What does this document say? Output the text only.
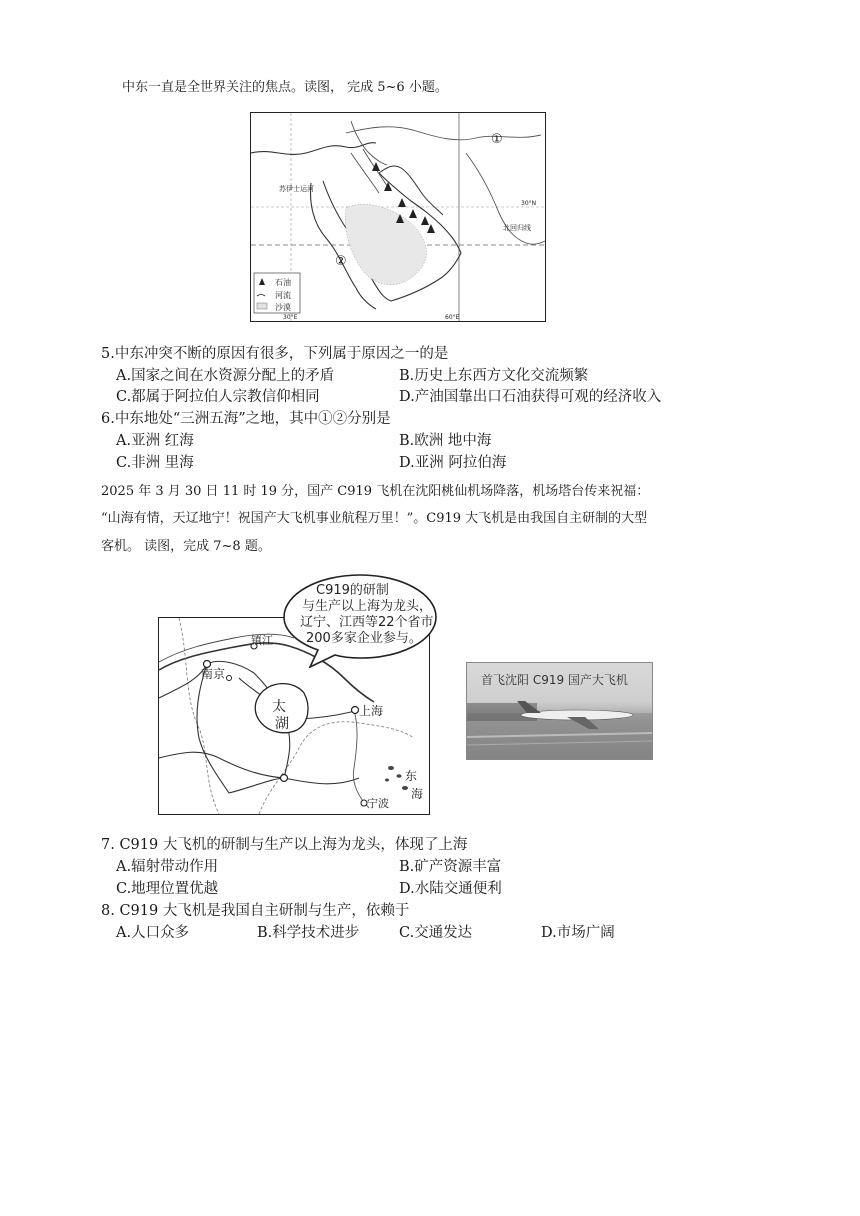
中东一直是全世界关注的焦点。读图， 完成 5~6 小题。
①
②
苏伊士运河
30°N
北回归线
30°E	60°E
石油
河流
沙漠
5.中东冲突不断的原因有很多，下列属于原因之一的是
A.国家之间在水资源分配上的矛盾	B.历史上东西方文化交流频繁
C.都属于阿拉伯人宗教信仰相同	D.产油国靠出口石油获得可观的经济收入
6.中东地处“三洲五海”之地，其中①②分别是
A.亚洲 红海	B.欧洲 地中海
C.非洲 里海	D.亚洲 阿拉伯海
2025 年 3 月 30 日 11 时 19 分，国产 C919 飞机在沈阳桃仙机场降落，机场塔台传来祝福：
“山海有情，天辽地宁！祝国产大飞机事业航程万里！”。C919 大飞机是由我国自主研制的大型
客机。 读图，完成 7~8 题。
太
湖
南京
镇江
上海
宁波
东
海
C919的研制
与生产以上海为龙头，
辽宁、江西等22个省市
200多家企业参与。
首飞沈阳 C919 国产大飞机
7. C919 大飞机的研制与生产以上海为龙头，体现了上海
A.辐射带动作用	B.矿产资源丰富
C.地理位置优越	D.水陆交通便利
8. C919 大飞机是我国自主研制与生产，依赖于
A.人口众多	B.科学技术进步	C.交通发达	D.市场广阔
